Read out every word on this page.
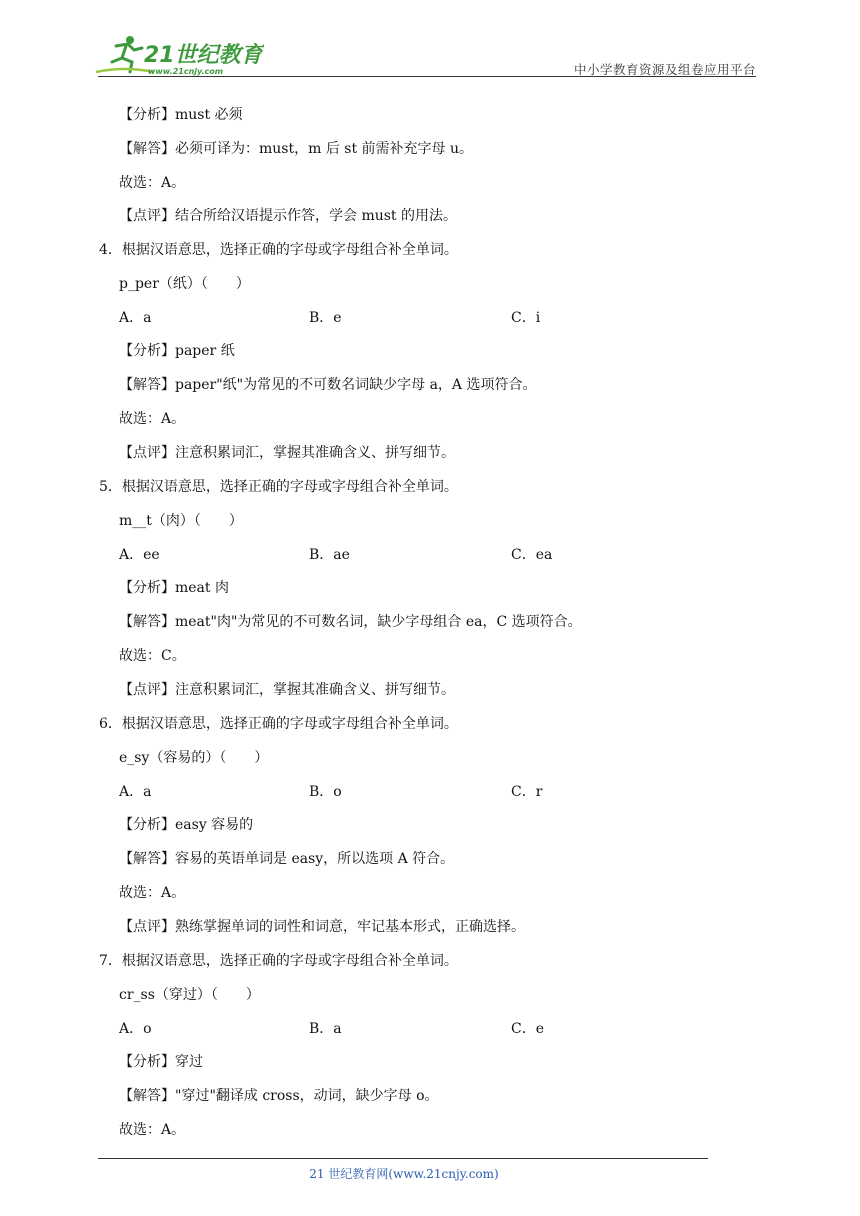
21世纪教育
www.21cnjy.com	中小学教育资源及组卷应用平台
【分析】must 必须
【解答】必须可译为：must，m 后 st 前需补充字母 u。
故选：A。
【点评】结合所给汉语提示作答，学会 must 的用法。
4．根据汉语意思，选择正确的字母或字母组合补全单词。
p_per（纸）（　　）
A．a	B．e	C．i
【分析】paper 纸
【解答】paper"纸"为常见的不可数名词缺少字母 a，A 选项符合。
故选：A。
【点评】注意积累词汇，掌握其准确含义、拼写细节。
5．根据汉语意思，选择正确的字母或字母组合补全单词。
m__t（肉）（　　）
A．ee	B．ae	C．ea
【分析】meat 肉
【解答】meat"肉"为常见的不可数名词，缺少字母组合 ea，C 选项符合。
故选：C。
【点评】注意积累词汇，掌握其准确含义、拼写细节。
6．根据汉语意思，选择正确的字母或字母组合补全单词。
e_sy（容易的）（　　）
A．a	B．o	C．r
【分析】easy 容易的
【解答】容易的英语单词是 easy，所以选项 A 符合。
故选：A。
【点评】熟练掌握单词的词性和词意，牢记基本形式，正确选择。
7．根据汉语意思，选择正确的字母或字母组合补全单词。
cr_ss（穿过）（　　）
A．o	B．a	C．e
【分析】穿过
【解答】"穿过"翻译成 cross，动词，缺少字母 o。
故选：A。
21 世纪教育网(www.21cnjy.com)
